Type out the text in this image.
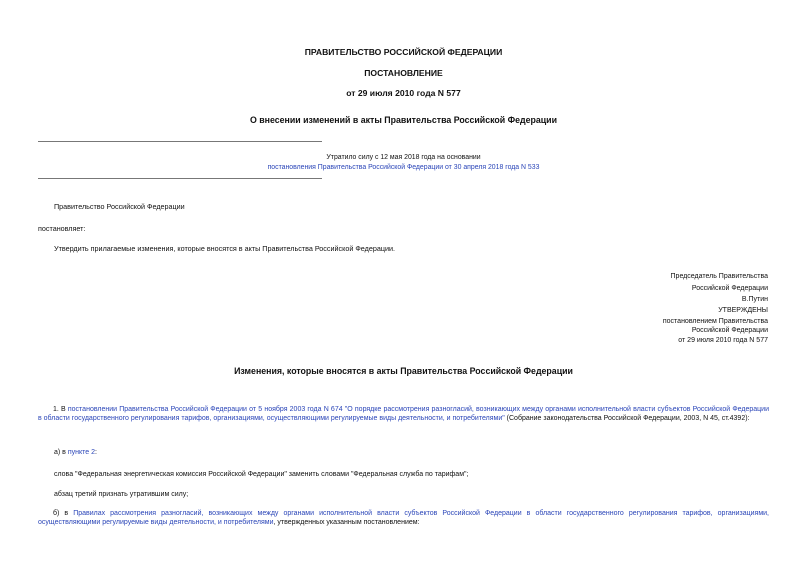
ПРАВИТЕЛЬСТВО РОССИЙСКОЙ ФЕДЕРАЦИИ
ПОСТАНОВЛЕНИЕ
от 29 июля 2010 года N 577
О внесении изменений в акты Правительства Российской Федерации
Утратило силу с 12 мая 2018 года на основании
постановления Правительства Российской Федерации от 30 апреля 2018 года N 533
Правительство Российской Федерации
постановляет:
Утвердить прилагаемые изменения, которые вносятся в акты Правительства Российской Федерации.
Председатель Правительства
Российской Федерации
В.Путин
УТВЕРЖДЕНЫ
постановлением Правительства
Российской Федерации
от 29 июля 2010 года N 577
Изменения, которые вносятся в акты Правительства Российской Федерации
1. В постановлении Правительства Российской Федерации от 5 ноября 2003 года N 674 "О порядке рассмотрения разногласий, возникающих между органами исполнительной власти субъектов Российской Федерации в области государственного регулирования тарифов, организациями, осуществляющими регулируемые виды деятельности, и потребителями" (Собрание законодательства Российской Федерации, 2003, N 45, ст.4392):
а) в пункте 2:
слова "Федеральная энергетическая комиссия Российской Федерации" заменить словами "Федеральная служба по тарифам";
абзац третий признать утратившим силу;
б) в Правилах рассмотрения разногласий, возникающих между органами исполнительной власти субъектов Российской Федерации в области государственного регулирования тарифов, организациями, осуществляющими регулируемые виды деятельности, и потребителями, утвержденных указанным постановлением:
